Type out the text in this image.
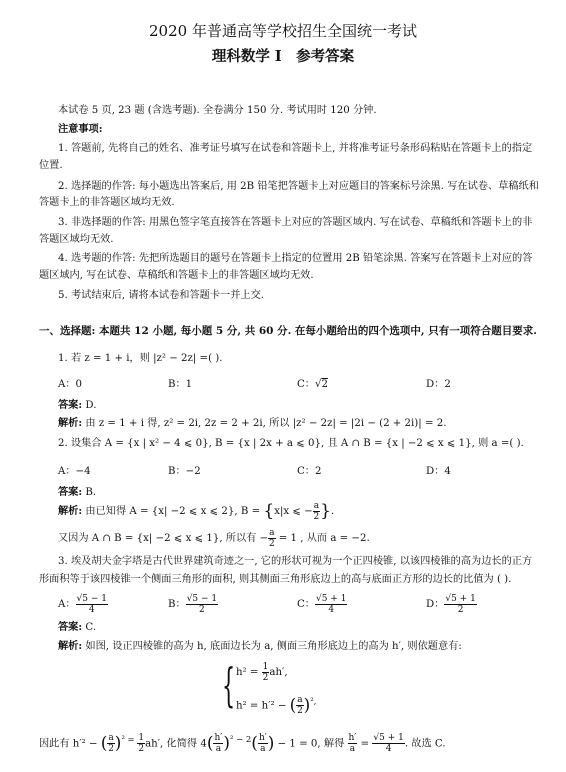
2020 年普通高等学校招生全国统一考试
理科数学 I　参考答案
本试卷 5 页, 23 题 (含选考题). 全卷满分 150 分. 考试用时 120 分钟.
注意事项:
1. 答题前, 先将自己的姓名、准考证号填写在试卷和答题卡上, 并将准考证号条形码粘贴在答题卡上的指定
位置.
2. 选择题的作答: 每小题选出答案后, 用 2B 铅笔把答题卡上对应题目的答案标号涂黑. 写在试卷、草稿纸和
答题卡上的非答题区域均无效.
3. 非选择题的作答: 用黑色签字笔直接答在答题卡上对应的答题区域内. 写在试卷、草稿纸和答题卡上的非
答题区域均无效.
4. 选考题的作答: 先把所选题目的题号在答题卡上指定的位置用 2B 铅笔涂黑. 答案写在答题卡上对应的答
题区域内, 写在试卷、草稿纸和答题卡上的非答题区域均无效.
5. 考试结束后, 请将本试卷和答题卡一并上交.
一、选择题: 本题共 12 小题, 每小题 5 分, 共 60 分. 在每小题给出的四个选项中, 只有一项符合题目要求.
1. 若 z = 1 + i，则 |z² − 2z| =( ).
A：0	B：1	C：√2	D：2
答案: D.
解析: 由 z = 1 + i 得, z² = 2i, 2z = 2 + 2i, 所以 |z² − 2z| = |2i − (2 + 2i)| = 2.
2. 设集合 A = {x | x² − 4 ⩽ 0}, B = {x | 2x + a ⩽ 0}, 且 A ∩ B = {x | −2 ⩽ x ⩽ 1}, 则 a =( ).
A：−4	B：−2	C：2	D：4
答案: B.
解析: 由已知得 A = {x| −2 ⩽ x ⩽ 2}, B = {x|x ⩽ − $\frac{a}{2}$ }.
又因为 A ∩ B = {x| −2 ⩽ x ⩽ 1}, 所以有 − $\frac{a}{2} = 1$ , 从而 a = −2.
3. 埃及胡夫金字塔是古代世界建筑奇迹之一, 它的形状可视为一个正四棱锥, 以该四棱锥的高为边长的正方
形面积等于该四棱锥一个侧面三角形的面积, 则其侧面三角形底边上的高与底面正方形的边长的比值为 ( ).
A： $\frac{√5 - 1}{4}$	B： $\frac{√5 - 1}{2}$	C： $\frac{√5 + 1}{4}$	D： $\frac{√5 + 1}{2}$
答案: C.
解析: 如图, 设正四棱锥的高为 h, 底面边长为 a, 侧面三角形底边上的高为 h′, 则依题意有:
{ $h^2 = \frac{1}{2} ah'$,
h² = h′² − ( $\frac{a}{2} )^{^2,}$
因此有 h′² − ( $\frac{a}{2} )^{^2 =} \frac{1}{2} ah'$, 化简得 $4( \frac{h'}{a} )^{^2 - 2}( \frac{h'}{a}$ ) − 1 = 0, 解得 $\frac{h'}{a} = \frac{√5 + 1}{4}$ . 故选 C.
